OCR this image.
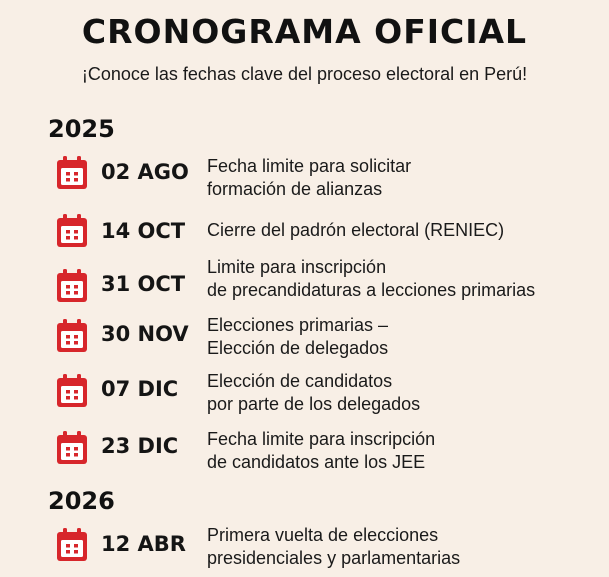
CRONOGRAMA OFICIAL
¡Conoce las fechas clave del proceso electoral en Perú!
2025
02 AGO Fecha limite para solicitar
formación de alianzas
14 OCT Cierre del padrón electoral (RENIEC)
31 OCT
Limite para inscripción
de precandidaturas a lecciones primarias
30 NOV Elecciones primarias –
Elección de delegados
07 DIC Elección de candidatos
por parte de los delegados
23 DIC Fecha limite para inscripción
de candidatos ante los JEE
2026
12 ABR Primera vuelta de elecciones
presidenciales y parlamentarias
